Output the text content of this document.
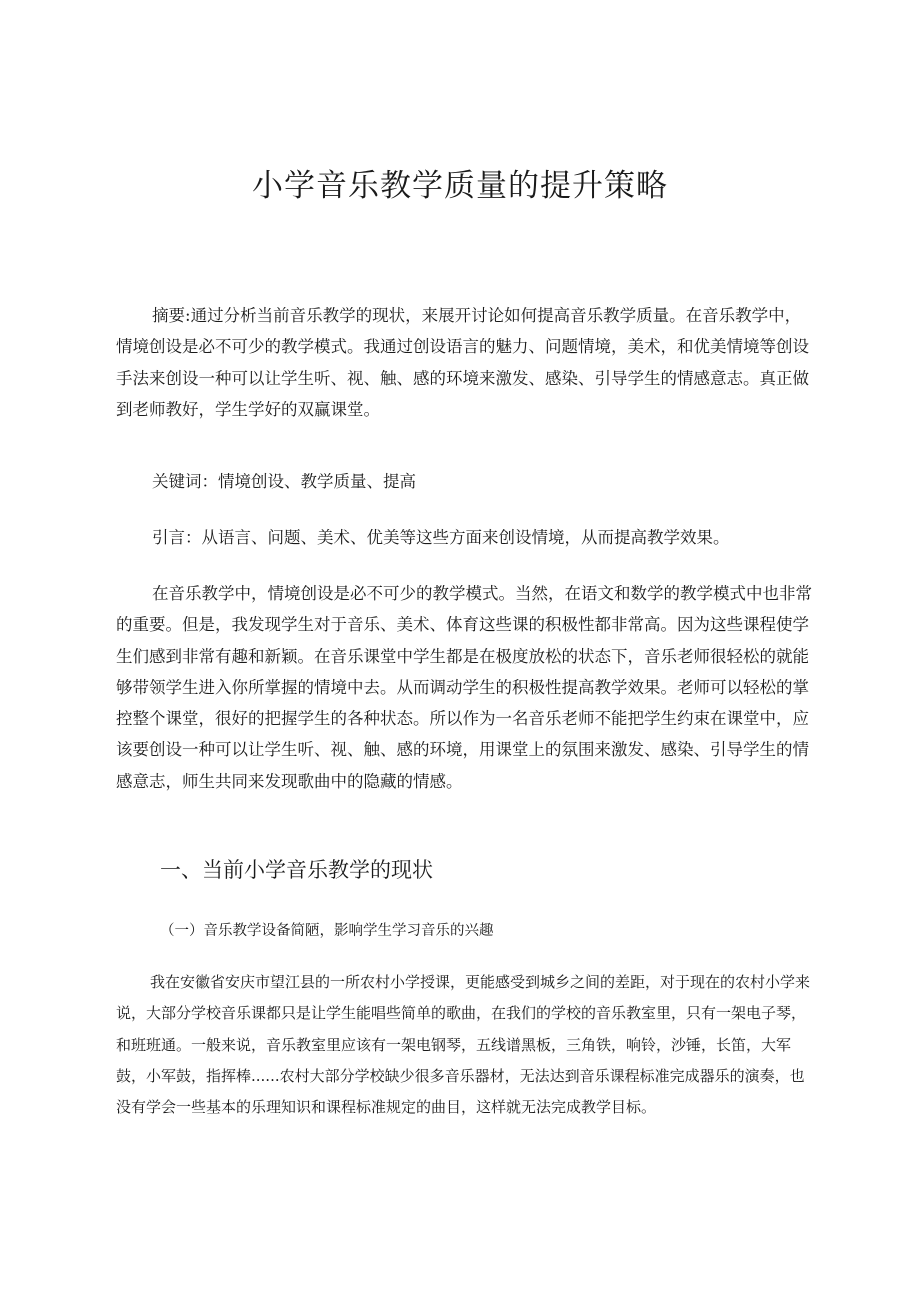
小学音乐教学质量的提升策略

摘要:通过分析当前音乐教学的现状，来展开讨论如何提高音乐教学质量。在音乐教学中，情境创设是必不可少的教学模式。我通过创设语言的魅力、问题情境，美术，和优美情境等创设手法来创设一种可以让学生听、视、触、感的环境来激发、感染、引导学生的情感意志。真正做到老师教好，学生学好的双赢课堂。

关键词：情境创设、教学质量、提高

引言：从语言、问题、美术、优美等这些方面来创设情境，从而提高教学效果。

在音乐教学中，情境创设是必不可少的教学模式。当然，在语文和数学的教学模式中也非常的重要。但是，我发现学生对于音乐、美术、体育这些课的积极性都非常高。因为这些课程使学生们感到非常有趣和新颖。在音乐课堂中学生都是在极度放松的状态下，音乐老师很轻松的就能够带领学生进入你所掌握的情境中去。从而调动学生的积极性提高教学效果。老师可以轻松的掌控整个课堂，很好的把握学生的各种状态。所以作为一名音乐老师不能把学生约束在课堂中，应该要创设一种可以让学生听、视、触、感的环境，用课堂上的氛围来激发、感染、引导学生的情感意志，师生共同来发现歌曲中的隐藏的情感。

一、当前小学音乐教学的现状
（一）音乐教学设备简陋，影响学生学习音乐的兴趣

我在安徽省安庆市望江县的一所农村小学授课，更能感受到城乡之间的差距，对于现在的农村小学来说，大部分学校音乐课都只是让学生能唱些简单的歌曲，在我们的学校的音乐教室里，只有一架电子琴，和班班通。一般来说，音乐教室里应该有一架电钢琴，五线谱黑板，三角铁，响铃，沙锤，长笛，大军鼓，小军鼓，指挥棒......农村大部分学校缺少很多音乐器材，无法达到音乐课程标准完成器乐的演奏，也没有学会一些基本的乐理知识和课程标准规定的曲目，这样就无法完成教学目标。
